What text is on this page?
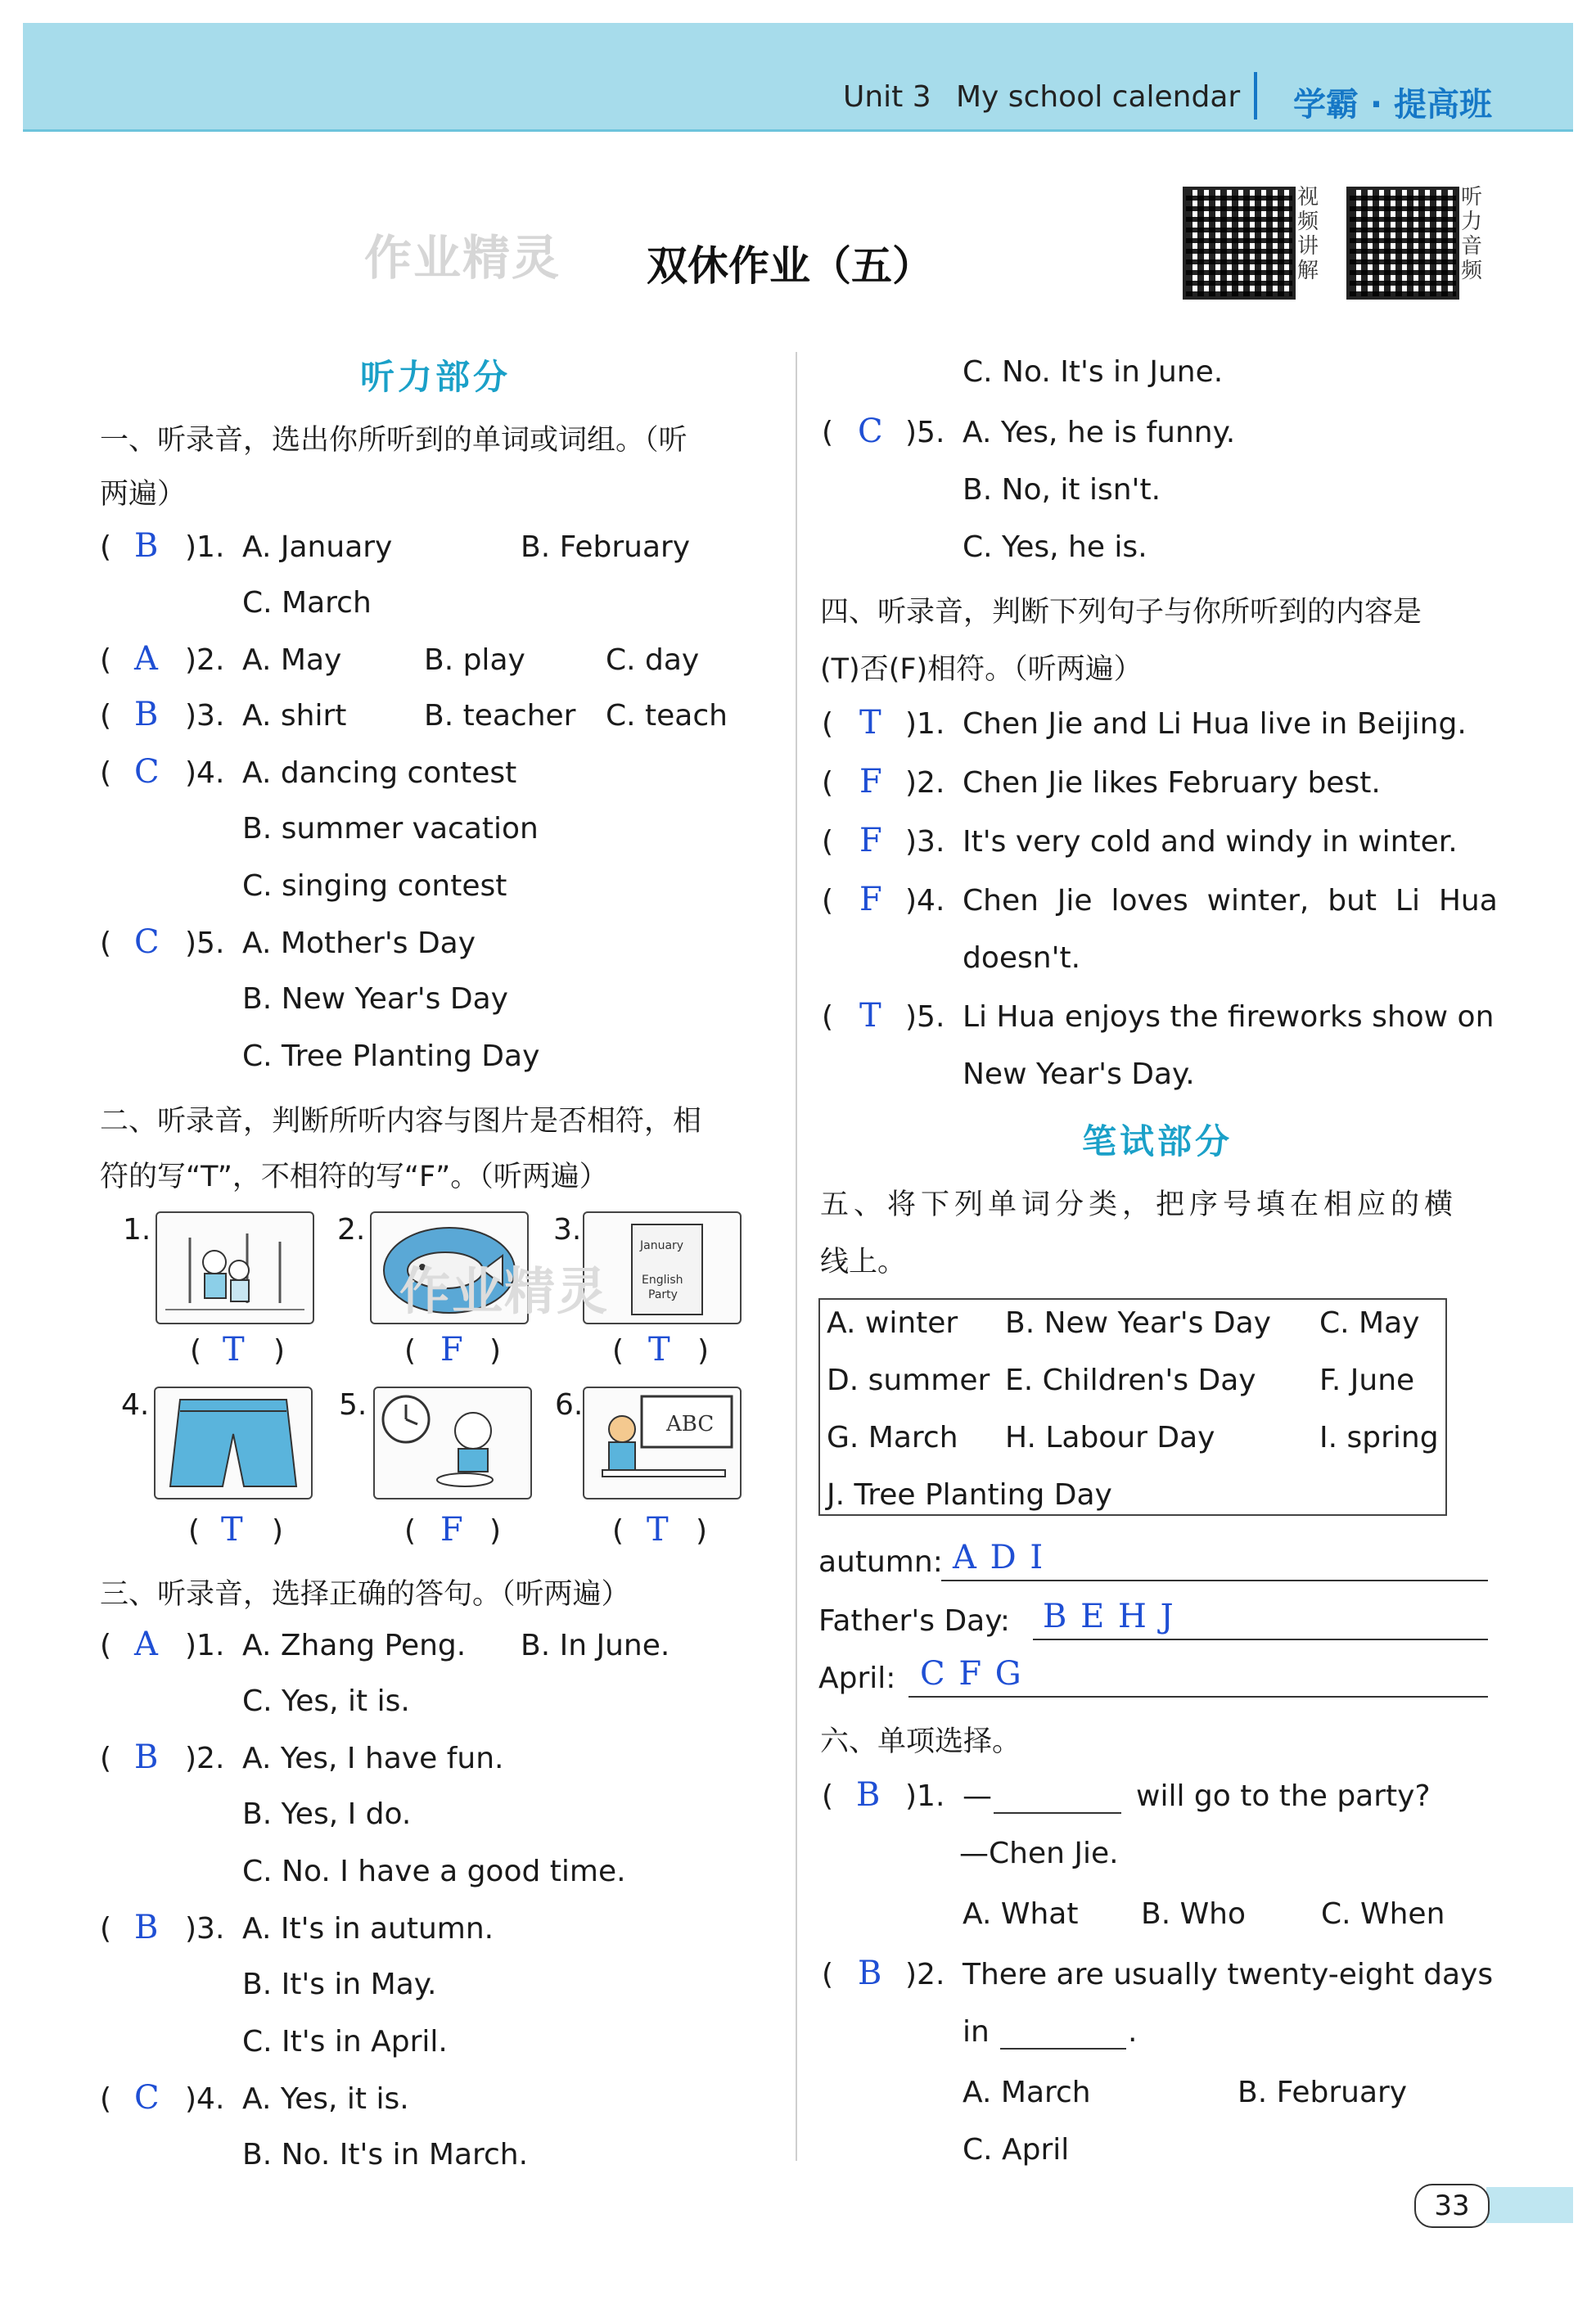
Unit 3 My school calendar 学霸 · 提高班
作业精灵 双休作业（五）
视频讲解
听力音频
听力部分
一、听录音，选出你所听到的单词或词组。（听
两遍）
( B )1. A. January	B. February
C. March
( A )2. A. May	B. play	C. day
( B )3. A. shirt	B. teacher C. teach
( C )4. A. dancing contest
B. summer vacation
C. singing contest
( C )5. A. Mother's Day
B. New Year's Day
C. Tree Planting Day
二、听录音，判断所听内容与图片是否相符，相
符的写“T”，不相符的写“F”。（听两遍）
1.	2.	3.	January
English
Party
( T )	( F )	( T )
作业精灵
4.	5.	6.
ABC
( T )	( F )	( T )
三、听录音，选择正确的答句。（听两遍）
( A )1. A. Zhang Peng. B. In June.
C. Yes, it is.
( B )2. A. Yes, I have fun.
B. Yes, I do.
C. No. I have a good time.
( B )3. A. It's in autumn.
B. It's in May.
C. It's in April.
( C )4. A. Yes, it is.
B. No. It's in March.
C. No. It's in June.
( C )5. A. Yes, he is funny.
B. No, it isn't.
C. Yes, he is.
四、听录音，判断下列句子与你所听到的内容是
(T)否(F)相符。（听两遍）
( T )1. Chen Jie and Li Hua live in Beijing.
( F )2. Chen Jie likes February best.
( F )3. It's very cold and windy in winter.
( F )4. Chen  Jie  loves  winter,  but  Li  Hua
doesn't.
( T )5. Li Hua enjoys the fireworks show on
New Year's Day.
笔试部分
五、将下列单词分类，把序号填在相应的横
线上。
A. winter B. New Year's Day C. May
D. summer E. Children's Day F. June
G. March H. Labour Day	I. spring
J. Tree Planting Day
autumn: A D I
Father's Day: B E H J
April: C F G
六、单项选择。
( B )1. —	will go to the party?
—Chen Jie.
A. What B. Who	C. When
( B )2. There are usually twenty-eight days
in	.
A. March	B. February
C. April
33
